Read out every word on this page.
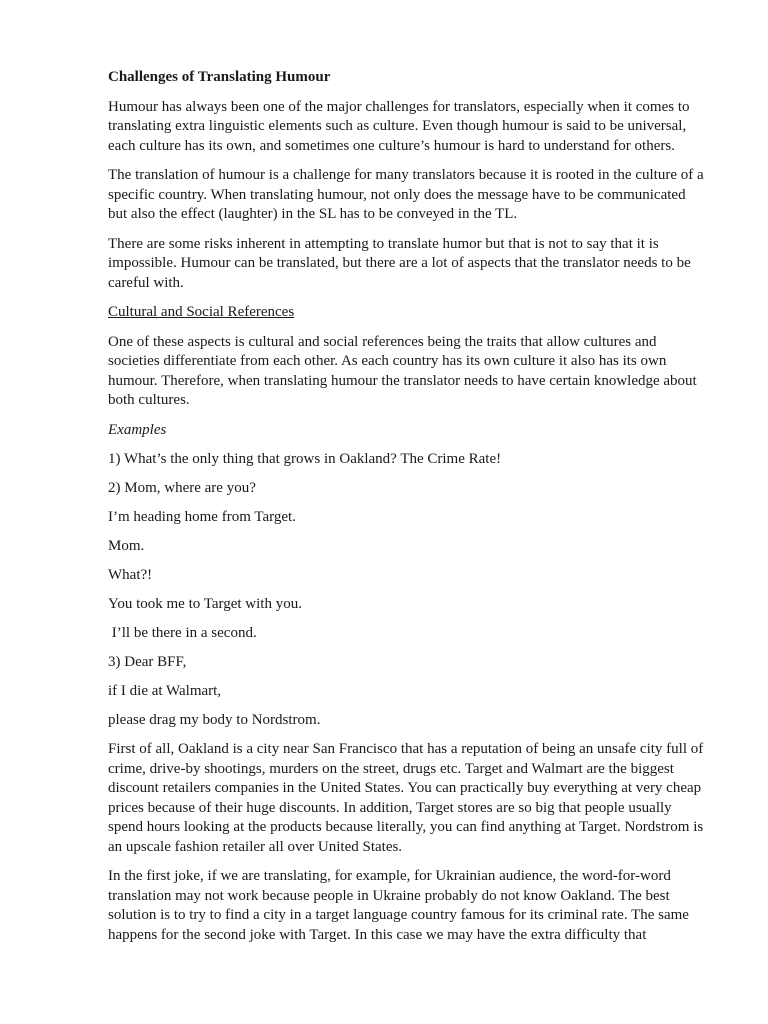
Challenges of Translating Humour

Humour has always been one of the major challenges for translators, especially when it comes to translating extra linguistic elements such as culture. Even though humour is said to be universal, each culture has its own, and sometimes one culture’s humour is hard to understand for others.

The translation of humour is a challenge for many translators because it is rooted in the culture of a specific country. When translating humour, not only does the message have to be communicated but also the effect (laughter) in the SL has to be conveyed in the TL.

There are some risks inherent in attempting to translate humor but that is not to say that it is impossible. Humour can be translated, but there are a lot of aspects that the translator needs to be careful with.

Cultural and Social References

One of these aspects is cultural and social references being the traits that allow cultures and societies differentiate from each other. As each country has its own culture it also has its own humour. Therefore, when translating humour the translator needs to have certain knowledge about both cultures.

Examples

1) What’s the only thing that grows in Oakland? The Crime Rate!
2) Mom, where are you?
I’m heading home from Target.
Mom.
What?!
You took me to Target with you.
I’ll be there in a second.
3) Dear BFF,
if I die at Walmart,
please drag my body to Nordstrom.

First of all, Oakland is a city near San Francisco that has a reputation of being an unsafe city full of crime, drive-by shootings, murders on the street, drugs etc. Target and Walmart are the biggest discount retailers companies in the United States. You can practically buy everything at very cheap prices because of their huge discounts. In addition, Target stores are so big that people usually spend hours looking at the products because literally, you can find anything at Target. Nordstrom is an upscale fashion retailer all over United States.

In the first joke, if we are translating, for example, for Ukrainian audience, the word-for-word translation may not work because people in Ukraine probably do not know Oakland. The best solution is to try to find a city in a target language country famous for its criminal rate. The same happens for the second joke with Target. In this case we may have the extra difficulty that
